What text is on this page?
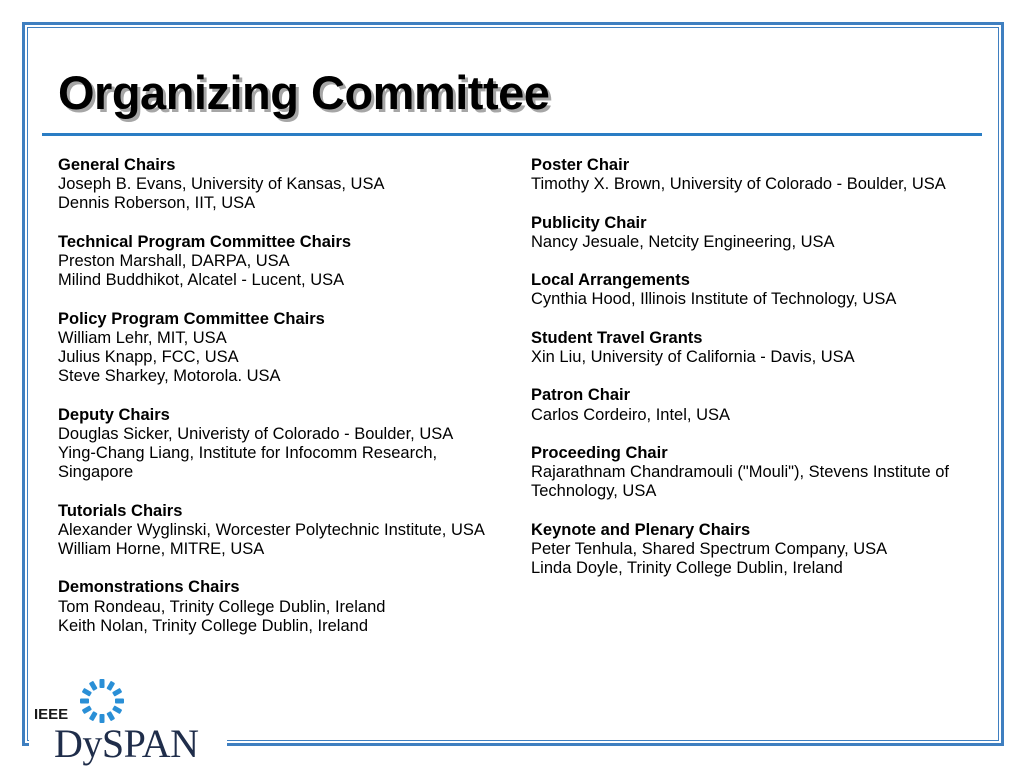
Organizing Committee
General Chairs
Joseph B. Evans, University of Kansas, USA
Dennis Roberson, IIT, USA
Technical Program Committee Chairs
Preston Marshall, DARPA, USA
Milind Buddhikot, Alcatel - Lucent, USA
Policy Program Committee Chairs
William Lehr, MIT, USA
Julius Knapp, FCC, USA
Steve Sharkey, Motorola. USA
Deputy Chairs
Douglas Sicker, Univeristy of Colorado - Boulder, USA
Ying-Chang Liang, Institute for Infocomm Research, Singapore
Tutorials Chairs
Alexander Wyglinski, Worcester Polytechnic Institute, USA
William Horne, MITRE, USA
Demonstrations Chairs
Tom Rondeau, Trinity College Dublin, Ireland
Keith Nolan, Trinity College Dublin, Ireland
Poster Chair
Timothy X. Brown, University of Colorado - Boulder, USA
Publicity Chair
Nancy Jesuale, Netcity Engineering, USA
Local Arrangements
Cynthia Hood, Illinois Institute of Technology, USA
Student Travel Grants
Xin Liu, University of California - Davis, USA
Patron Chair
Carlos Cordeiro, Intel, USA
Proceeding Chair
Rajarathnam Chandramouli ("Mouli"), Stevens Institute of Technology, USA
Keynote and Plenary Chairs
Peter Tenhula, Shared Spectrum Company, USA
Linda Doyle, Trinity College Dublin, Ireland
IEEE
DySPAN
